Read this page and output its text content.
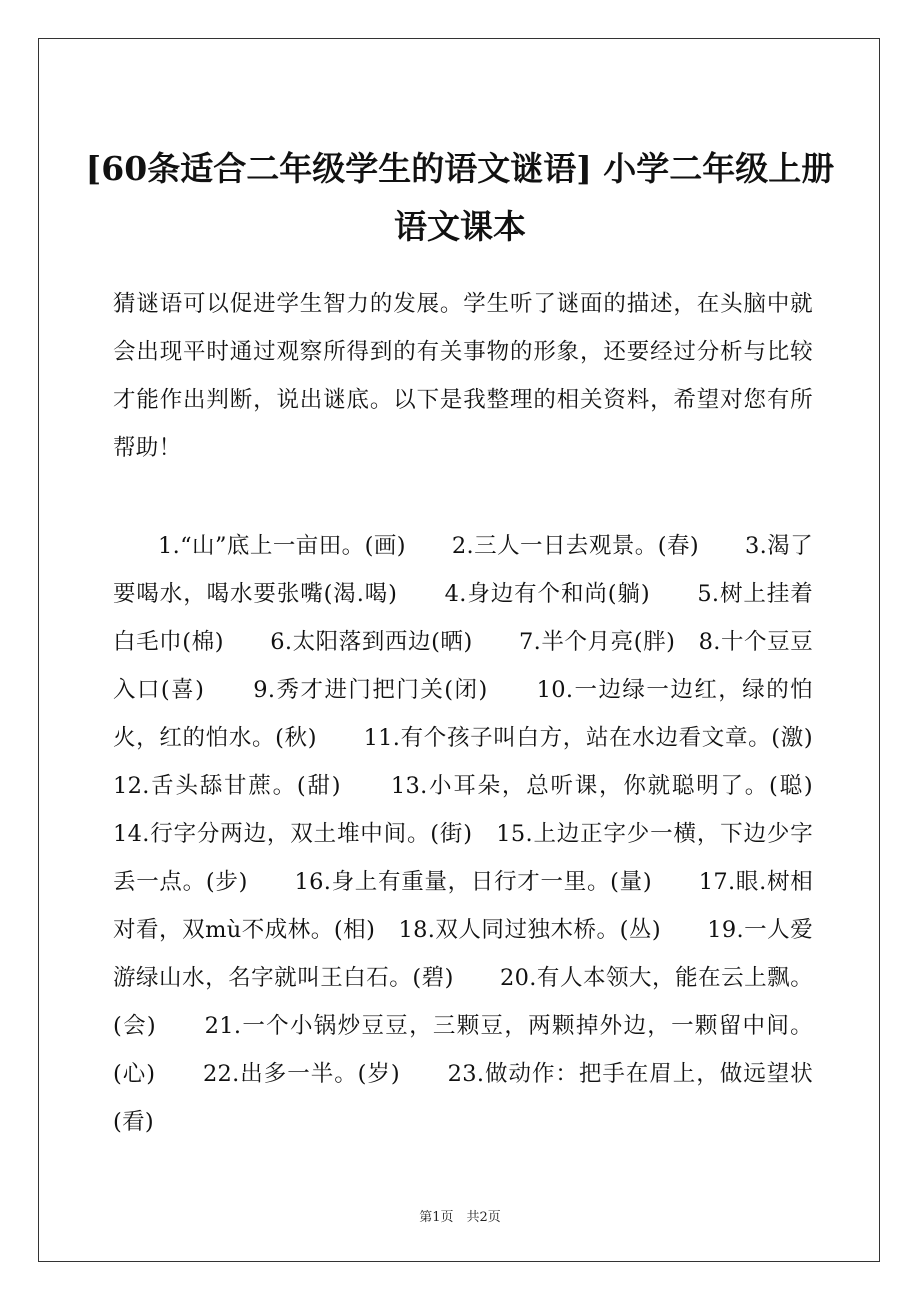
[60条适合二年级学生的语文谜语] 小学二年级上册语文课本

猜谜语可以促进学生智力的发展。学生听了谜面的描述，在头脑中就会出现平时通过观察所得到的有关事物的形象，还要经过分析与比较才能作出判断，说出谜底。以下是我整理的相关资料，希望对您有所帮助！

1.“山”底上一亩田。(画)　　2.三人一日去观景。(春)　　3.渴了要喝水，喝水要张嘴(渴.喝)　　4.身边有个和尚(躺)　　5.树上挂着白毛巾(棉)　　6.太阳落到西边(晒)　　7.半个月亮(胖)　8.十个豆豆入口(喜)　　9.秀才进门把门关(闭)　　10.一边绿一边红，绿的怕火，红的怕水。(秋)　　11.有个孩子叫白方，站在水边看文章。(激)　　12.舌头舔甘蔗。(甜)　　13.小耳朵，总听课，你就聪明了。(聪)　　14.行字分两边，双土堆中间。(街)　15.上边正字少一横，下边少字丢一点。(步)　　16.身上有重量，日行才一里。(量)　　17.眼.树相对看，双mù不成林。(相)　18.双人同过独木桥。(丛)　　19.一人爱游绿山水，名字就叫王白石。(碧)　　20.有人本领大，能在云上飘。(会)　　21.一个小锅炒豆豆，三颗豆，两颗掉外边，一颗留中间。(心)　　22.出多一半。(岁)　　23.做动作：把手在眉上，做远望状(看)

第1页　共2页
